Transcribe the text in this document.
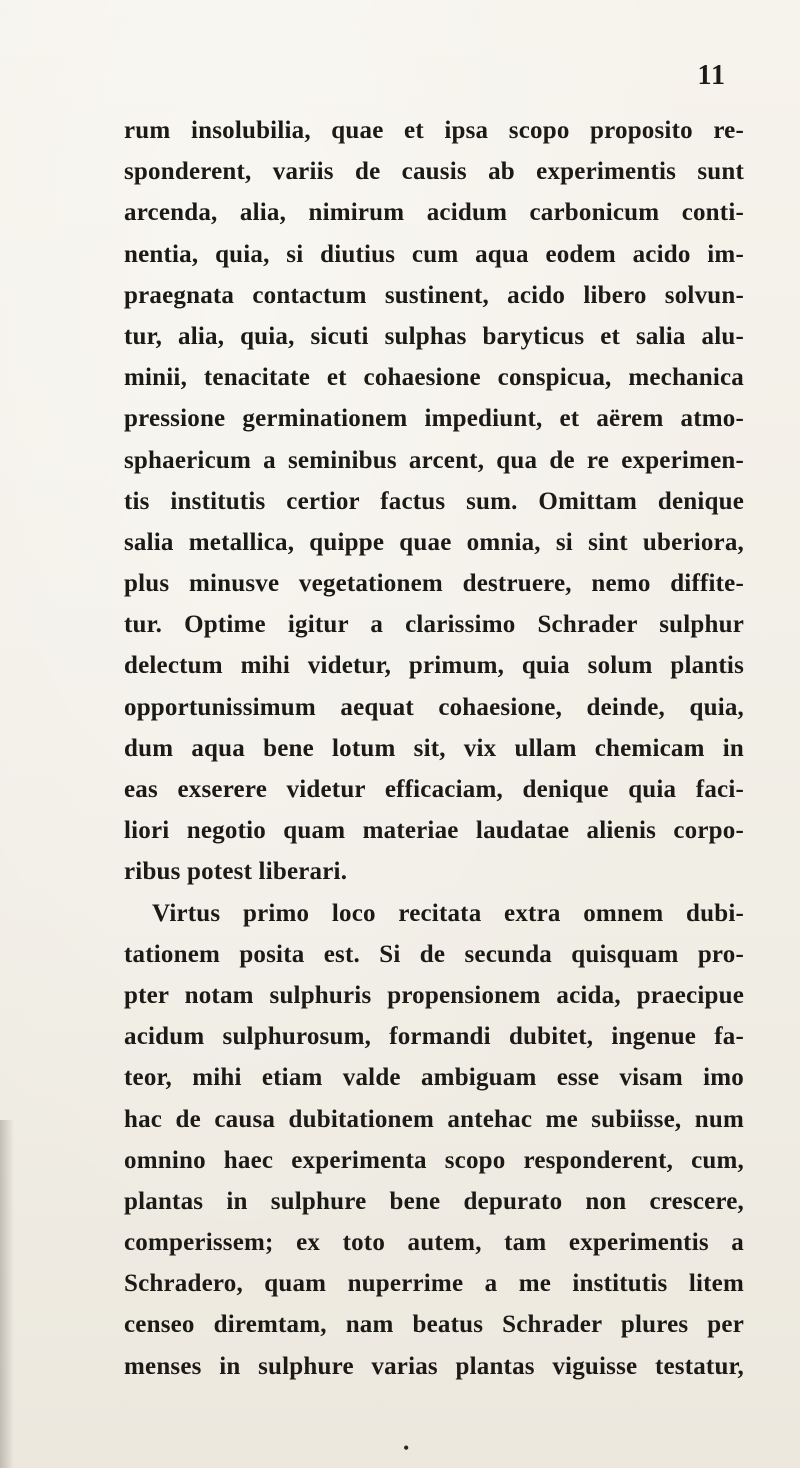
11
rum insolubilia, quae et ipsa scopo proposito re-
sponderent, variis de causis ab experimentis sunt
arcenda, alia, nimirum acidum carbonicum conti-
nentia, quia, si diutius cum aqua eodem acido im-
praegnata contactum sustinent, acido libero solvun-
tur, alia, quia, sicuti sulphas baryticus et salia alu-
minii, tenacitate et cohaesione conspicua, mechanica
pressione germinationem impediunt, et aërem atmo-
sphaericum a seminibus arcent, qua de re experimen-
tis institutis certior factus sum. Omittam denique
salia metallica, quippe quae omnia, si sint uberiora,
plus minusve vegetationem destruere, nemo diffite-
tur. Optime igitur a clarissimo Schrader sulphur
delectum mihi videtur, primum, quia solum plantis
opportunissimum aequat cohaesione, deinde, quia,
dum aqua bene lotum sit, vix ullam chemicam in
eas exserere videtur efficaciam, denique quia faci-
liori negotio quam materiae laudatae alienis corpo-
ribus potest liberari.
Virtus primo loco recitata extra omnem dubi-
tationem posita est. Si de secunda quisquam pro-
pter notam sulphuris propensionem acida, praecipue
acidum sulphurosum, formandi dubitet, ingenue fa-
teor, mihi etiam valde ambiguam esse visam imo
hac de causa dubitationem antehac me subiisse, num
omnino haec experimenta scopo responderent, cum,
plantas in sulphure bene depurato non crescere,
comperissem; ex toto autem, tam experimentis a
Schradero, quam nuperrime a me institutis litem
censeo diremtam, nam beatus Schrader plures per
menses in sulphure varias plantas viguisse testatur,
•
